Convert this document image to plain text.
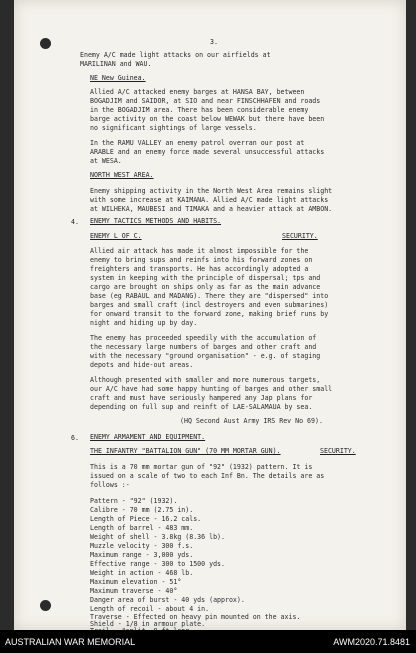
3.
Enemy A/C made light attacks on our airfields at
MARILINAN and WAU.
NE New Guinea.
Allied A/C attacked enemy barges at HANSA BAY, between
BOGADJIM and SAIDOR, at SIO and near FINSCHHAFEN and roads
in the BOGADJIM area. There has been considerable enemy
barge activity on the coast below WEWAK but there have been
no significant sightings of large vessels.
In the RAMU VALLEY an enemy patrol overran our post at
ARABLE and an enemy force made several unsuccessful attacks
at WESA.
NORTH WEST AREA.
Enemy shipping activity in the North West Area remains slight
with some increase at KAIMANA. Allied A/C made light attacks
at WILHEKA, MAUBESI and TIMAKA and a heavier attack at AMBON.
4. ENEMY TACTICS METHODS AND HABITS.
ENEMY L OF C.	SECURITY.
Allied air attack has made it almost impossible for the
enemy to bring sups and reinfs into his forward zones on
freighters and transports. He has accordingly adopted a
system in keeping with the principle of dispersal; tps and
cargo are brought on ships only as far as the main advance
base (eg RABAUL and MADANG). There they are "dispersed" into
barges and small craft (incl destroyers and even submarines)
for onward transit to the forward zone, making brief runs by
night and hiding up by day.
The enemy has proceeded speedily with the accumulation of
the necessary large numbers of barges and other craft and
with the necessary "ground organisation" - e.g. of staging
depots and hide-out areas.
Although presented with smaller and more numerous targets,
our A/C have had some happy hunting of barges and other small
craft and must have seriously hampered any Jap plans for
depending on full sup and reinft of LAE-SALAMAUA by sea.
(HQ Second Aust Army IRS Rev No 69).
6. ENEMY ARMAMENT AND EQUIPMENT.
THE INFANTRY "BATTALION GUN" (70 MM MORTAR GUN).	SECURITY.
This is a 70 mm mortar gun of "92" (1932) pattern. It is
issued on a scale of two to each Inf Bn. The details are as
follows :-
Pattern - "92" (1932).
Calibre - 70 mm (2.75 in).
Length of Piece - 16.2 cals.
Length of barrel - 483 mm.
Weight of shell - 3.8kg (8.36 lb).
Muzzle velocity - 300 f.s.
Maximum range - 3,000 yds.
Effective range - 300 to 1500 yds.
Weight in action - 468 lb.
Maximum elevation - 51°
Maximum traverse - 40°
Danger area of burst - 40 yds (approx).
Length of recoil - about 4 in.
Traverse - Effected on heavy pin mounted on the axis.
Shield - 1/8 in armour plate.
AUSTRALIAN WAR MEMORIAL	AWM2020.71.8481
